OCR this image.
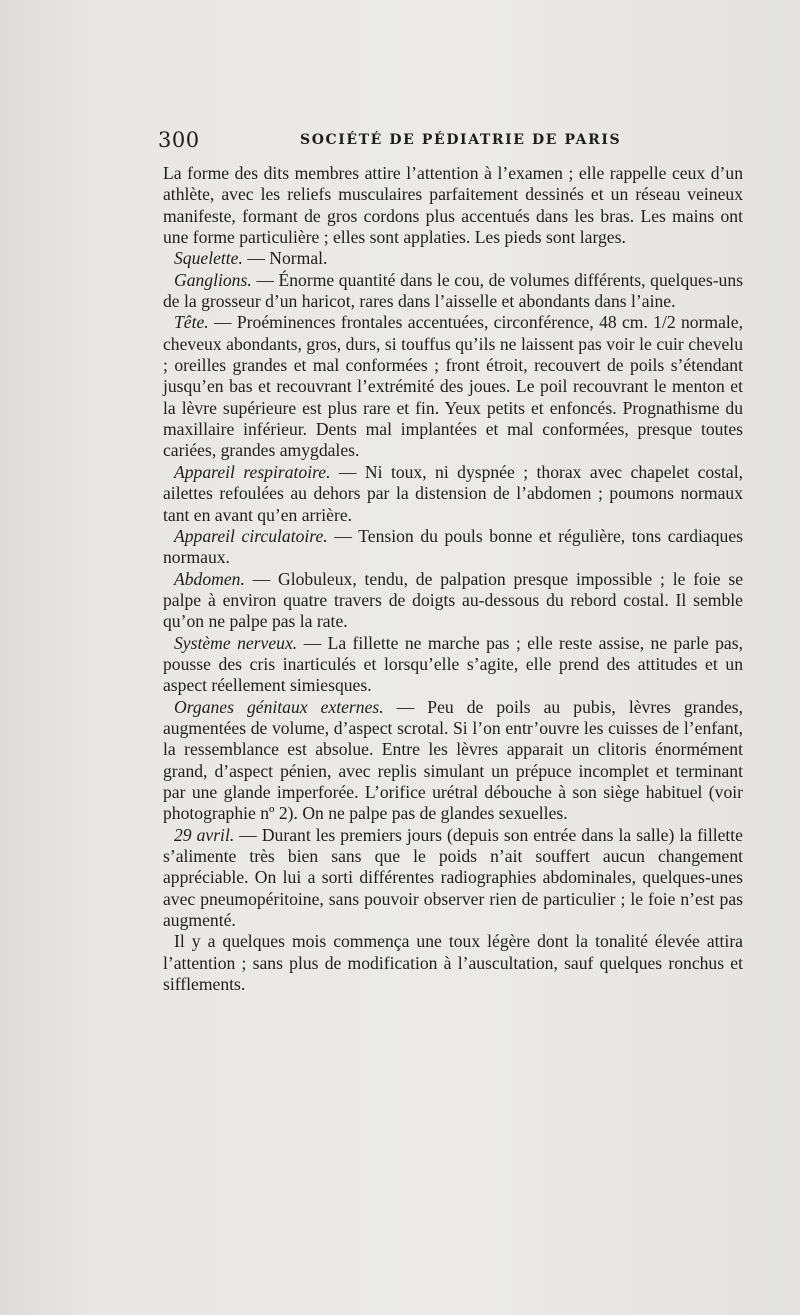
300	SOCIÉTÉ DE PÉDIATRIE DE PARIS

La forme des dits membres attire l’attention à l’examen ; elle rappelle ceux d’un athlète, avec les reliefs musculaires parfaitement dessinés et un réseau veineux manifeste, formant de gros cordons plus accentués dans les bras. Les mains ont une forme particulière ; elles sont applaties. Les pieds sont larges.

Squelette. — Normal.

Ganglions. — Énorme quantité dans le cou, de volumes différents, quelques-uns de la grosseur d’un haricot, rares dans l’aisselle et abondants dans l’aine.

Tête. — Proéminences frontales accentuées, circonférence, 48 cm. 1/2 normale, cheveux abondants, gros, durs, si touffus qu’ils ne laissent pas voir le cuir chevelu ; oreilles grandes et mal conformées ; front étroit, recouvert de poils s’étendant jusqu’en bas et recouvrant l’extrémité des joues. Le poil recouvrant le menton et la lèvre supérieure est plus rare et fin. Yeux petits et enfoncés. Prognathisme du maxillaire inférieur. Dents mal implantées et mal conformées, presque toutes cariées, grandes amygdales.

Appareil respiratoire. — Ni toux, ni dyspnée ; thorax avec chapelet costal, ailettes refoulées au dehors par la distension de l’abdomen ; poumons normaux tant en avant qu’en arrière.

Appareil circulatoire. — Tension du pouls bonne et régulière, tons cardiaques normaux.

Abdomen. — Globuleux, tendu, de palpation presque impossible ; le foie se palpe à environ quatre travers de doigts au-dessous du rebord costal. Il semble qu’on ne palpe pas la rate.

Système nerveux. — La fillette ne marche pas ; elle reste assise, ne parle pas, pousse des cris inarticulés et lorsqu’elle s’agite, elle prend des attitudes et un aspect réellement simiesques.

Organes génitaux externes. — Peu de poils au pubis, lèvres grandes, augmentées de volume, d’aspect scrotal. Si l’on entr’ouvre les cuisses de l’enfant, la ressemblance est absolue. Entre les lèvres apparait un clitoris énormément grand, d’aspect pénien, avec replis simulant un prépuce incomplet et terminant par une glande imperforée. L’orifice urétral débouche à son siège habituel (voir photographie nº 2). On ne palpe pas de glandes sexuelles.

29 avril. — Durant les premiers jours (depuis son entrée dans la salle) la fillette s’alimente très bien sans que le poids n’ait souffert aucun changement appréciable. On lui a sorti différentes radiographies abdominales, quelques-unes avec pneumopéritoine, sans pouvoir observer rien de particulier ; le foie n’est pas augmenté.

Il y a quelques mois commença une toux légère dont la tonalité élevée attira l’attention ; sans plus de modification à l’auscultation, sauf quelques ronchus et sifflements.
